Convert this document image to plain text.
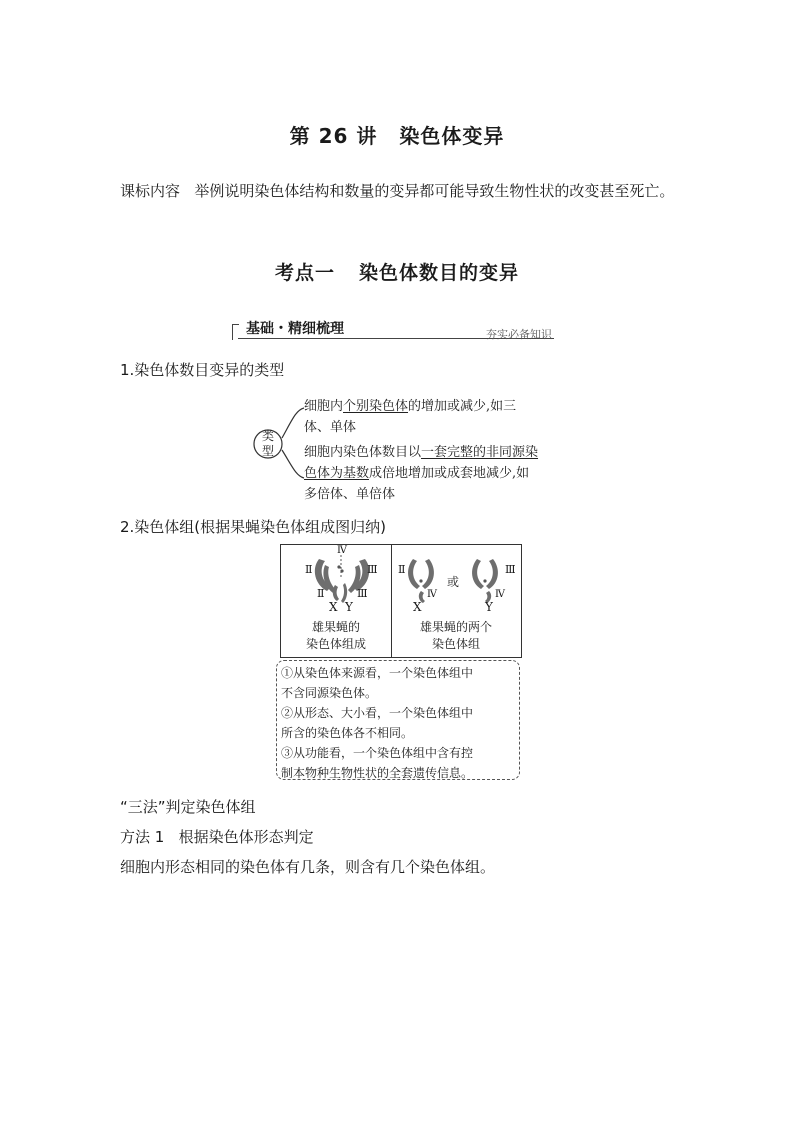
第 26 讲 染色体变异
课标内容 举例说明染色体结构和数量的变异都可能导致生物性状的改变甚至死亡。
考点一 染色体数目的变异
基础・精细梳理	夯实必备知识
1.染色体数目变异的类型
类型
细胞内个别染色体的增加或减少,如三体、单体
细胞内染色体数目以一套完整的非同源染色体为基数成倍地增加或成套地减少,如多倍体、单倍体
2.染色体组(根据果蝇染色体组成图归纳)
Ⅳ
Ⅱ	Ⅲ
Ⅱ	Ⅲ
X Y
Ⅱ
Ⅳ
X
或
Ⅲ
Ⅳ
Y
雄果蝇的
染色体组成
雄果蝇的两个
染色体组
①从染色体来源看，一个染色体组中
不含同源染色体。
②从形态、大小看，一个染色体组中
所含的染色体各不相同。
③从功能看，一个染色体组中含有控
制本物种生物性状的全套遗传信息。
“三法”判定染色体组
方法 1 根据染色体形态判定
细胞内形态相同的染色体有几条，则含有几个染色体组。
